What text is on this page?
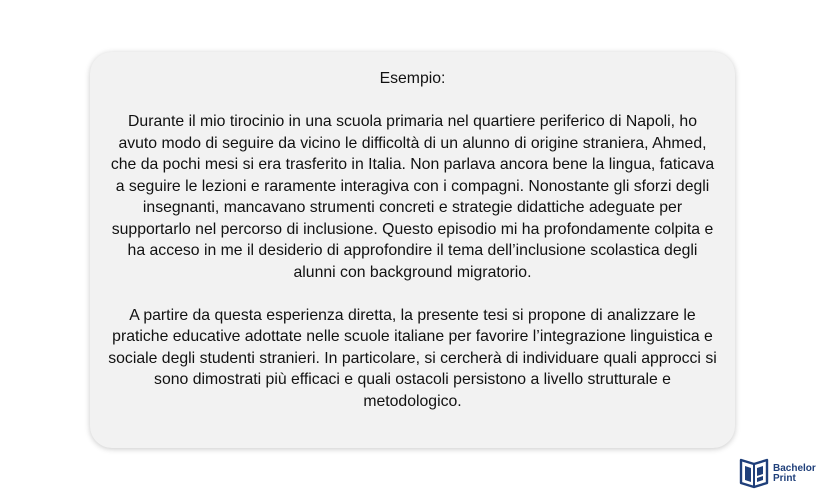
Esempio:

Durante il mio tirocinio in una scuola primaria nel quartiere periferico di Napoli, ho avuto modo di seguire da vicino le difficoltà di un alunno di origine straniera, Ahmed, che da pochi mesi si era trasferito in Italia. Non parlava ancora bene la lingua, faticava a seguire le lezioni e raramente interagiva con i compagni. Nonostante gli sforzi degli insegnanti, mancavano strumenti concreti e strategie didattiche adeguate per supportarlo nel percorso di inclusione. Questo episodio mi ha profondamente colpita e ha acceso in me il desiderio di approfondire il tema dell’inclusione scolastica degli alunni con background migratorio.

A partire da questa esperienza diretta, la presente tesi si propone di analizzare le pratiche educative adottate nelle scuole italiane per favorire l’integrazione linguistica e sociale degli studenti stranieri. In particolare, si cercherà di individuare quali approcci si sono dimostrati più efficaci e quali ostacoli persistono a livello strutturale e metodologico.

Bachelor
Print
